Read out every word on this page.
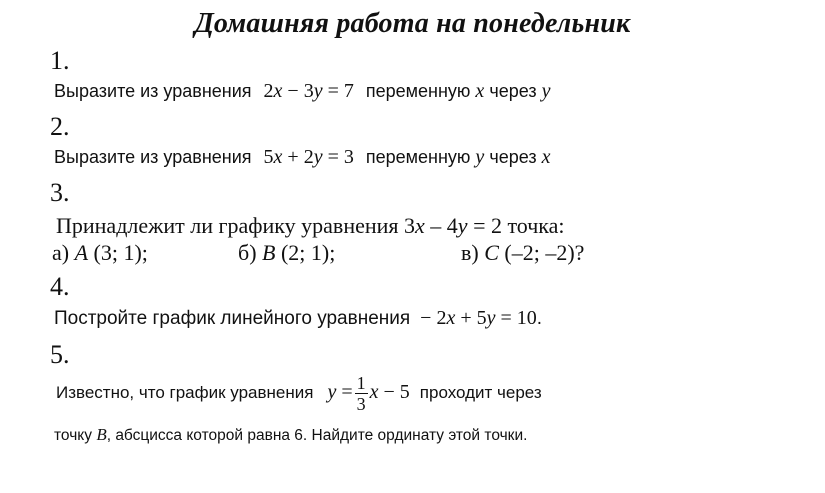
Домашняя работа на понедельник
1.
Выразите из уравнения 2x − 3y = 7 переменную x через y
2.
Выразите из уравнения 5x + 2y = 3 переменную y через x
3.
Принадлежит ли графику уравнения 3x – 4y = 2 точка:
а) A (3; 1);	б) B (2; 1);	в) C (–2; –2)?
4.
Постройте график линейного уравнения − 2x + 5y = 10.
5.
Известно, что график уравнения $y = \frac{1}{3}$ x − 5 проходит через
точку B, абсцисса которой равна 6. Найдите ординату этой точки.
